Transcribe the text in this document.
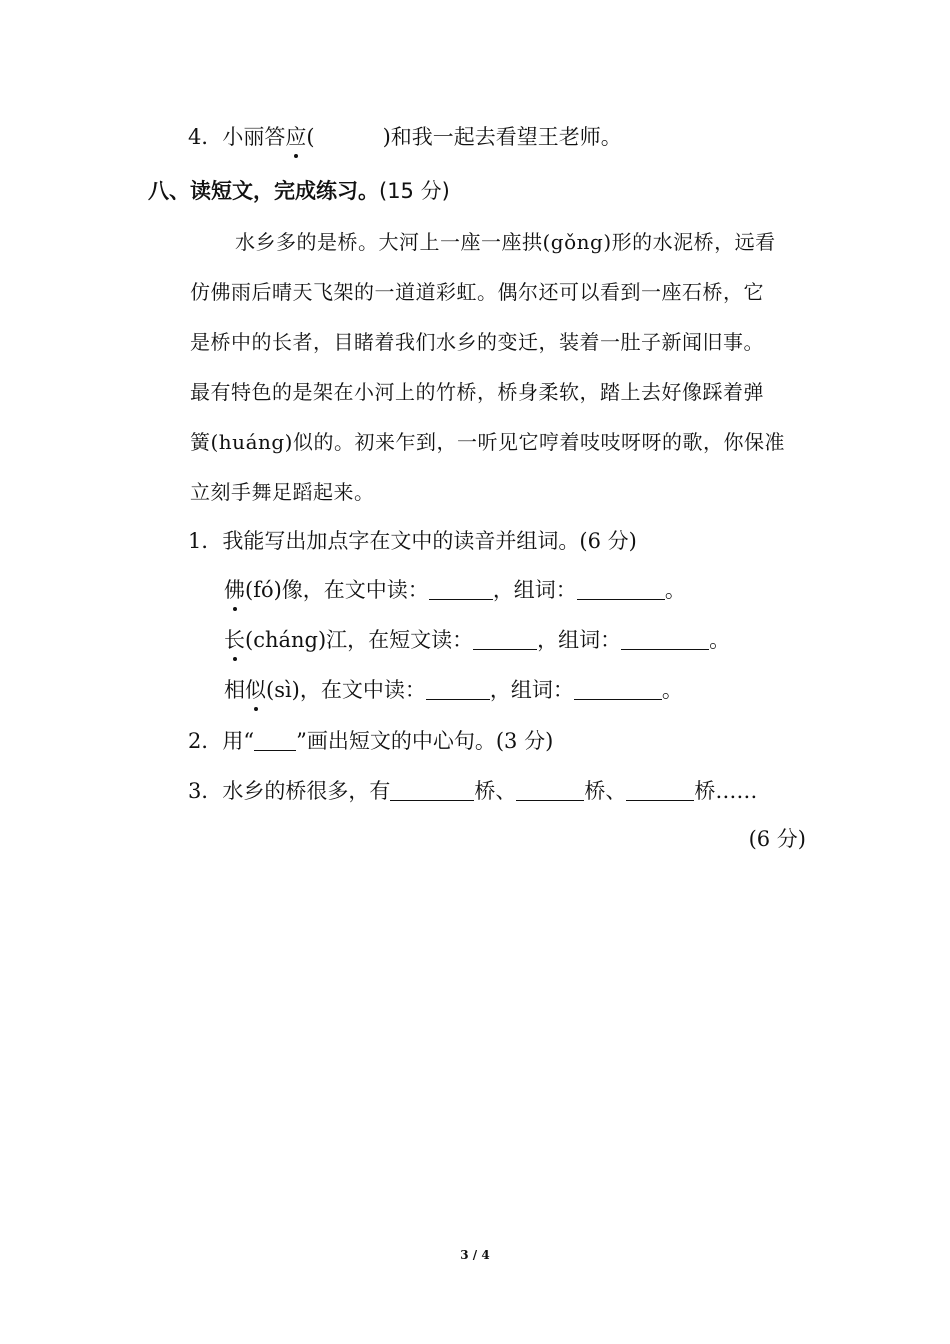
4．小丽答应(	)和我一起去看望王老师。
八、读短文，完成练习。(15 分)
水乡多的是桥。大河上一座一座拱(gǒng)形的水泥桥，远看
仿佛雨后晴天飞架的一道道彩虹。偶尔还可以看到一座石桥，它
是桥中的长者，目睹着我们水乡的变迁，装着一肚子新闻旧事。
最有特色的是架在小河上的竹桥，桥身柔软，踏上去好像踩着弹
簧(huáng)似的。初来乍到，一听见它哼着吱吱呀呀的歌，你保准
立刻手舞足蹈起来。
1．我能写出加点字在文中的读音并组词。(6 分)
佛(fó)像，在文中读：	，组词：	。
长(cháng)江，在短文读：	，组词：	。
相似(sì)，在文中读：	，组词：	。
2．用“ ”画出短文的中心句。(3 分)
3．水乡的桥很多，有	桥、	桥、	桥……
(6 分)
3 / 4
